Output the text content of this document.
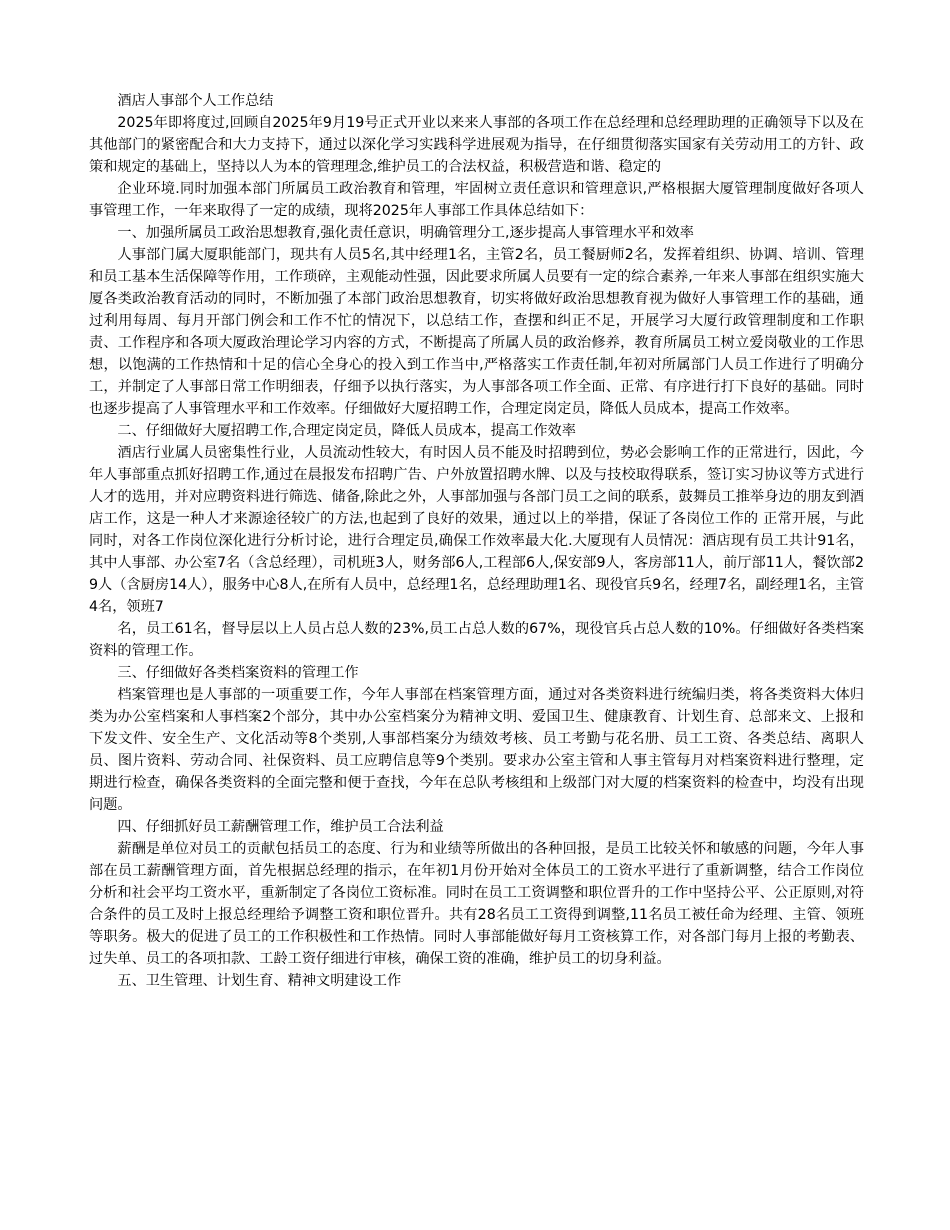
酒店人事部个人工作总结

2025年即将度过,回顾自2025年9月19号正式开业以来来人事部的各项工作在总经理和总经理助理的正确领导下以及在其他部门的紧密配合和大力支持下，通过以深化学习实践科学进展观为指导，在仔细贯彻落实国家有关劳动用工的方针、政策和规定的基础上，坚持以人为本的管理理念,维护员工的合法权益，积极营造和谐、稳定的

企业环境.同时加强本部门所属员工政治教育和管理，牢固树立责任意识和管理意识,严格根据大厦管理制度做好各项人事管理工作，一年来取得了一定的成绩，现将2025年人事部工作具体总结如下：

一、加强所属员工政治思想教育,强化责任意识，明确管理分工,逐步提高人事管理水平和效率

人事部门属大厦职能部门，现共有人员5名,其中经理1名，主管2名，员工餐厨师2名，发挥着组织、协调、培训、管理和员工基本生活保障等作用，工作琐碎，主观能动性强，因此要求所属人员要有一定的综合素养,一年来人事部在组织实施大厦各类政治教育活动的同时，不断加强了本部门政治思想教育，切实将做好政治思想教育视为做好人事管理工作的基础，通过利用每周、每月开部门例会和工作不忙的情况下，以总结工作，查摆和纠正不足，开展学习大厦行政管理制度和工作职责、工作程序和各项大厦政治理论学习内容的方式，不断提高了所属人员的政治修养，教育所属员工树立爱岗敬业的工作思想，以饱满的工作热情和十足的信心全身心的投入到工作当中,严格落实工作责任制,年初对所属部门人员工作进行了明确分工，并制定了人事部日常工作明细表，仔细予以执行落实，为人事部各项工作全面、正常、有序进行打下良好的基础。同时也逐步提高了人事管理水平和工作效率。仔细做好大厦招聘工作，合理定岗定员，降低人员成本，提高工作效率。

二、仔细做好大厦招聘工作,合理定岗定员，降低人员成本，提高工作效率

酒店行业属人员密集性行业，人员流动性较大，有时因人员不能及时招聘到位，势必会影响工作的正常进行，因此，今年人事部重点抓好招聘工作,通过在晨报发布招聘广告、户外放置招聘水牌、以及与技校取得联系，签订实习协议等方式进行人才的选用，并对应聘资料进行筛选、储备,除此之外，人事部加强与各部门员工之间的联系，鼓舞员工推举身边的朋友到酒店工作，这是一种人才来源途径较广的方法,也起到了良好的效果，通过以上的举措，保证了各岗位工作的 正常开展，与此同时，对各工作岗位深化进行分析讨论，进行合理定员,确保工作效率最大化.大厦现有人员情况：酒店现有员工共计91名，其中人事部、办公室7名（含总经理），司机班3人，财务部6人,工程部6人,保安部9人，客房部11人，前厅部11人，餐饮部29人（含厨房14人），服务中心8人,在所有人员中，总经理1名，总经理助理1名、现役官兵9名，经理7名，副经理1名，主管4名，领班7

名，员工61名，督导层以上人员占总人数的23%,员工占总人数的67%，现役官兵占总人数的10%。仔细做好各类档案资料的管理工作。

三、仔细做好各类档案资料的管理工作

档案管理也是人事部的一项重要工作，今年人事部在档案管理方面，通过对各类资料进行统编归类，将各类资料大体归类为办公室档案和人事档案2个部分，其中办公室档案分为精神文明、爱国卫生、健康教育、计划生育、总部来文、上报和下发文件、安全生产、文化活动等8个类别,人事部档案分为绩效考核、员工考勤与花名册、员工工资、各类总结、离职人员、图片资料、劳动合同、社保资料、员工应聘信息等9个类别。要求办公室主管和人事主管每月对档案资料进行整理，定期进行检查，确保各类资料的全面完整和便于查找，今年在总队考核组和上级部门对大厦的档案资料的检查中，均没有出现问题。

四、仔细抓好员工薪酬管理工作，维护员工合法利益

薪酬是单位对员工的贡献包括员工的态度、行为和业绩等所做出的各种回报，是员工比较关怀和敏感的问题，今年人事部在员工薪酬管理方面，首先根据总经理的指示，在年初1月份开始对全体员工的工资水平进行了重新调整，结合工作岗位分析和社会平均工资水平，重新制定了各岗位工资标准。同时在员工工资调整和职位晋升的工作中坚持公平、公正原则,对符合条件的员工及时上报总经理给予调整工资和职位晋升。共有28名员工工资得到调整,11名员工被任命为经理、主管、领班等职务。极大的促进了员工的工作积极性和工作热情。同时人事部能做好每月工资核算工作，对各部门每月上报的考勤表、过失单、员工的各项扣款、工龄工资仔细进行审核，确保工资的准确，维护员工的切身利益。

五、卫生管理、计划生育、精神文明建设工作
